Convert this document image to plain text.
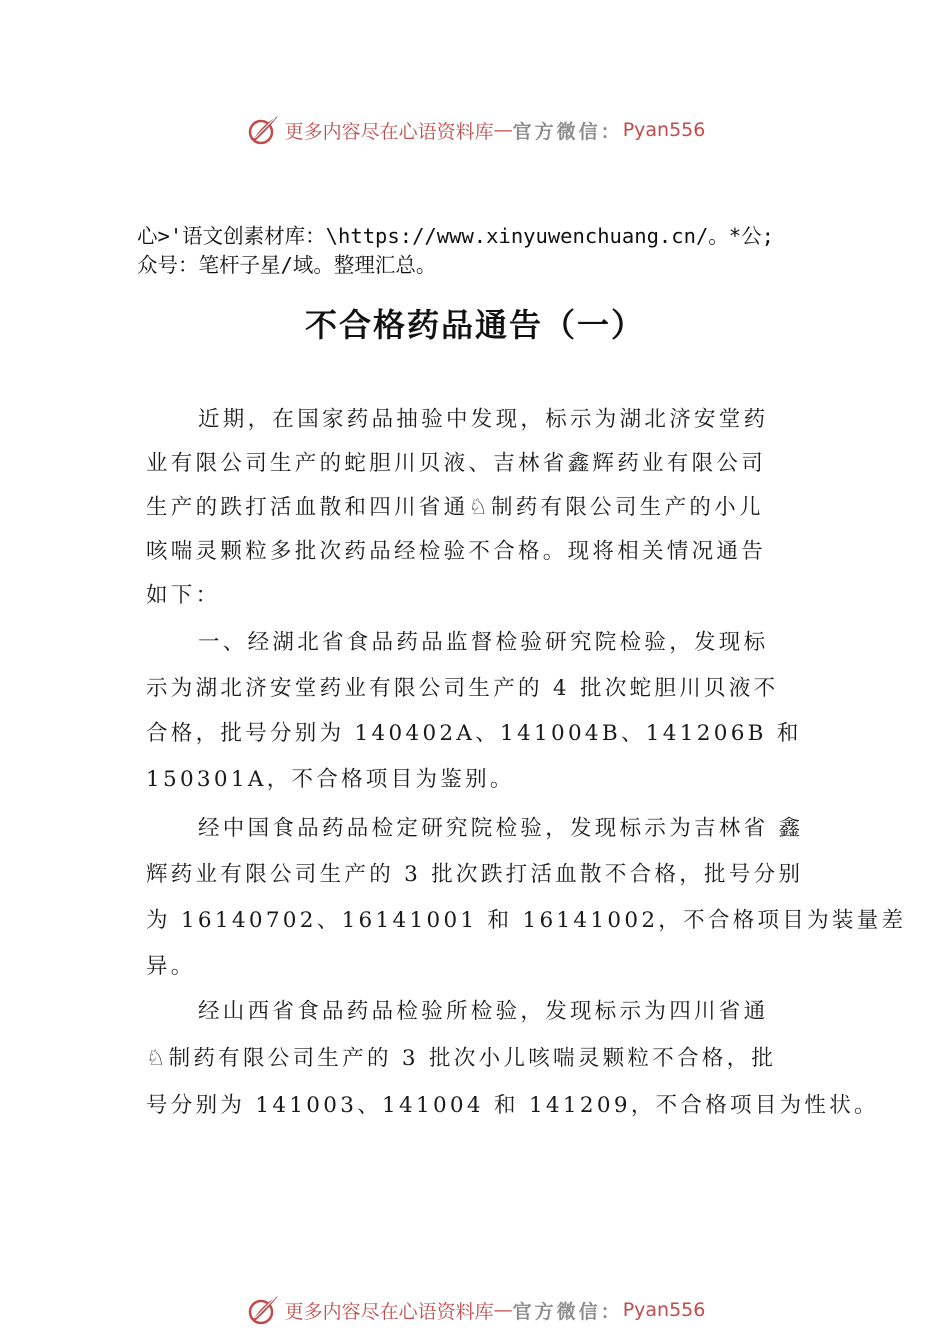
更多内容尽在心语资料库 — 官方微信： Pyan556
心>'语文创素材库：\https://www.xinyuwenchuang.cn/。*公;
众号：笔杆子星/域。整理汇总。
不合格药品通告（一）
近期，在国家药品抽验中发现，标示为湖北济安堂药
业有限公司生产的蛇胆川贝液、吉林省鑫辉药业有限公司
生产的跌打活血散和四川省通♘制药有限公司生产的小儿
咳喘灵颗粒多批次药品经检验不合格。现将相关情况通告
如下：
一、经湖北省食品药品监督检验研究院检验，发现标
示为湖北济安堂药业有限公司生产的 4 批次蛇胆川贝液不
合格，批号分别为 140402A、141004B、141206B 和
150301A，不合格项目为鉴别。
经中国食品药品检定研究院检验，发现标示为吉林省 鑫
辉药业有限公司生产的 3 批次跌打活血散不合格，批号分别
为 16140702、16141001 和 16141002，不合格项目为装量差
异。
经山西省食品药品检验所检验，发现标示为四川省通
♘制药有限公司生产的 3 批次小儿咳喘灵颗粒不合格，批
号分别为 141003、141004 和 141209，不合格项目为性状。
更多内容尽在心语资料库 — 官方微信： Pyan556
